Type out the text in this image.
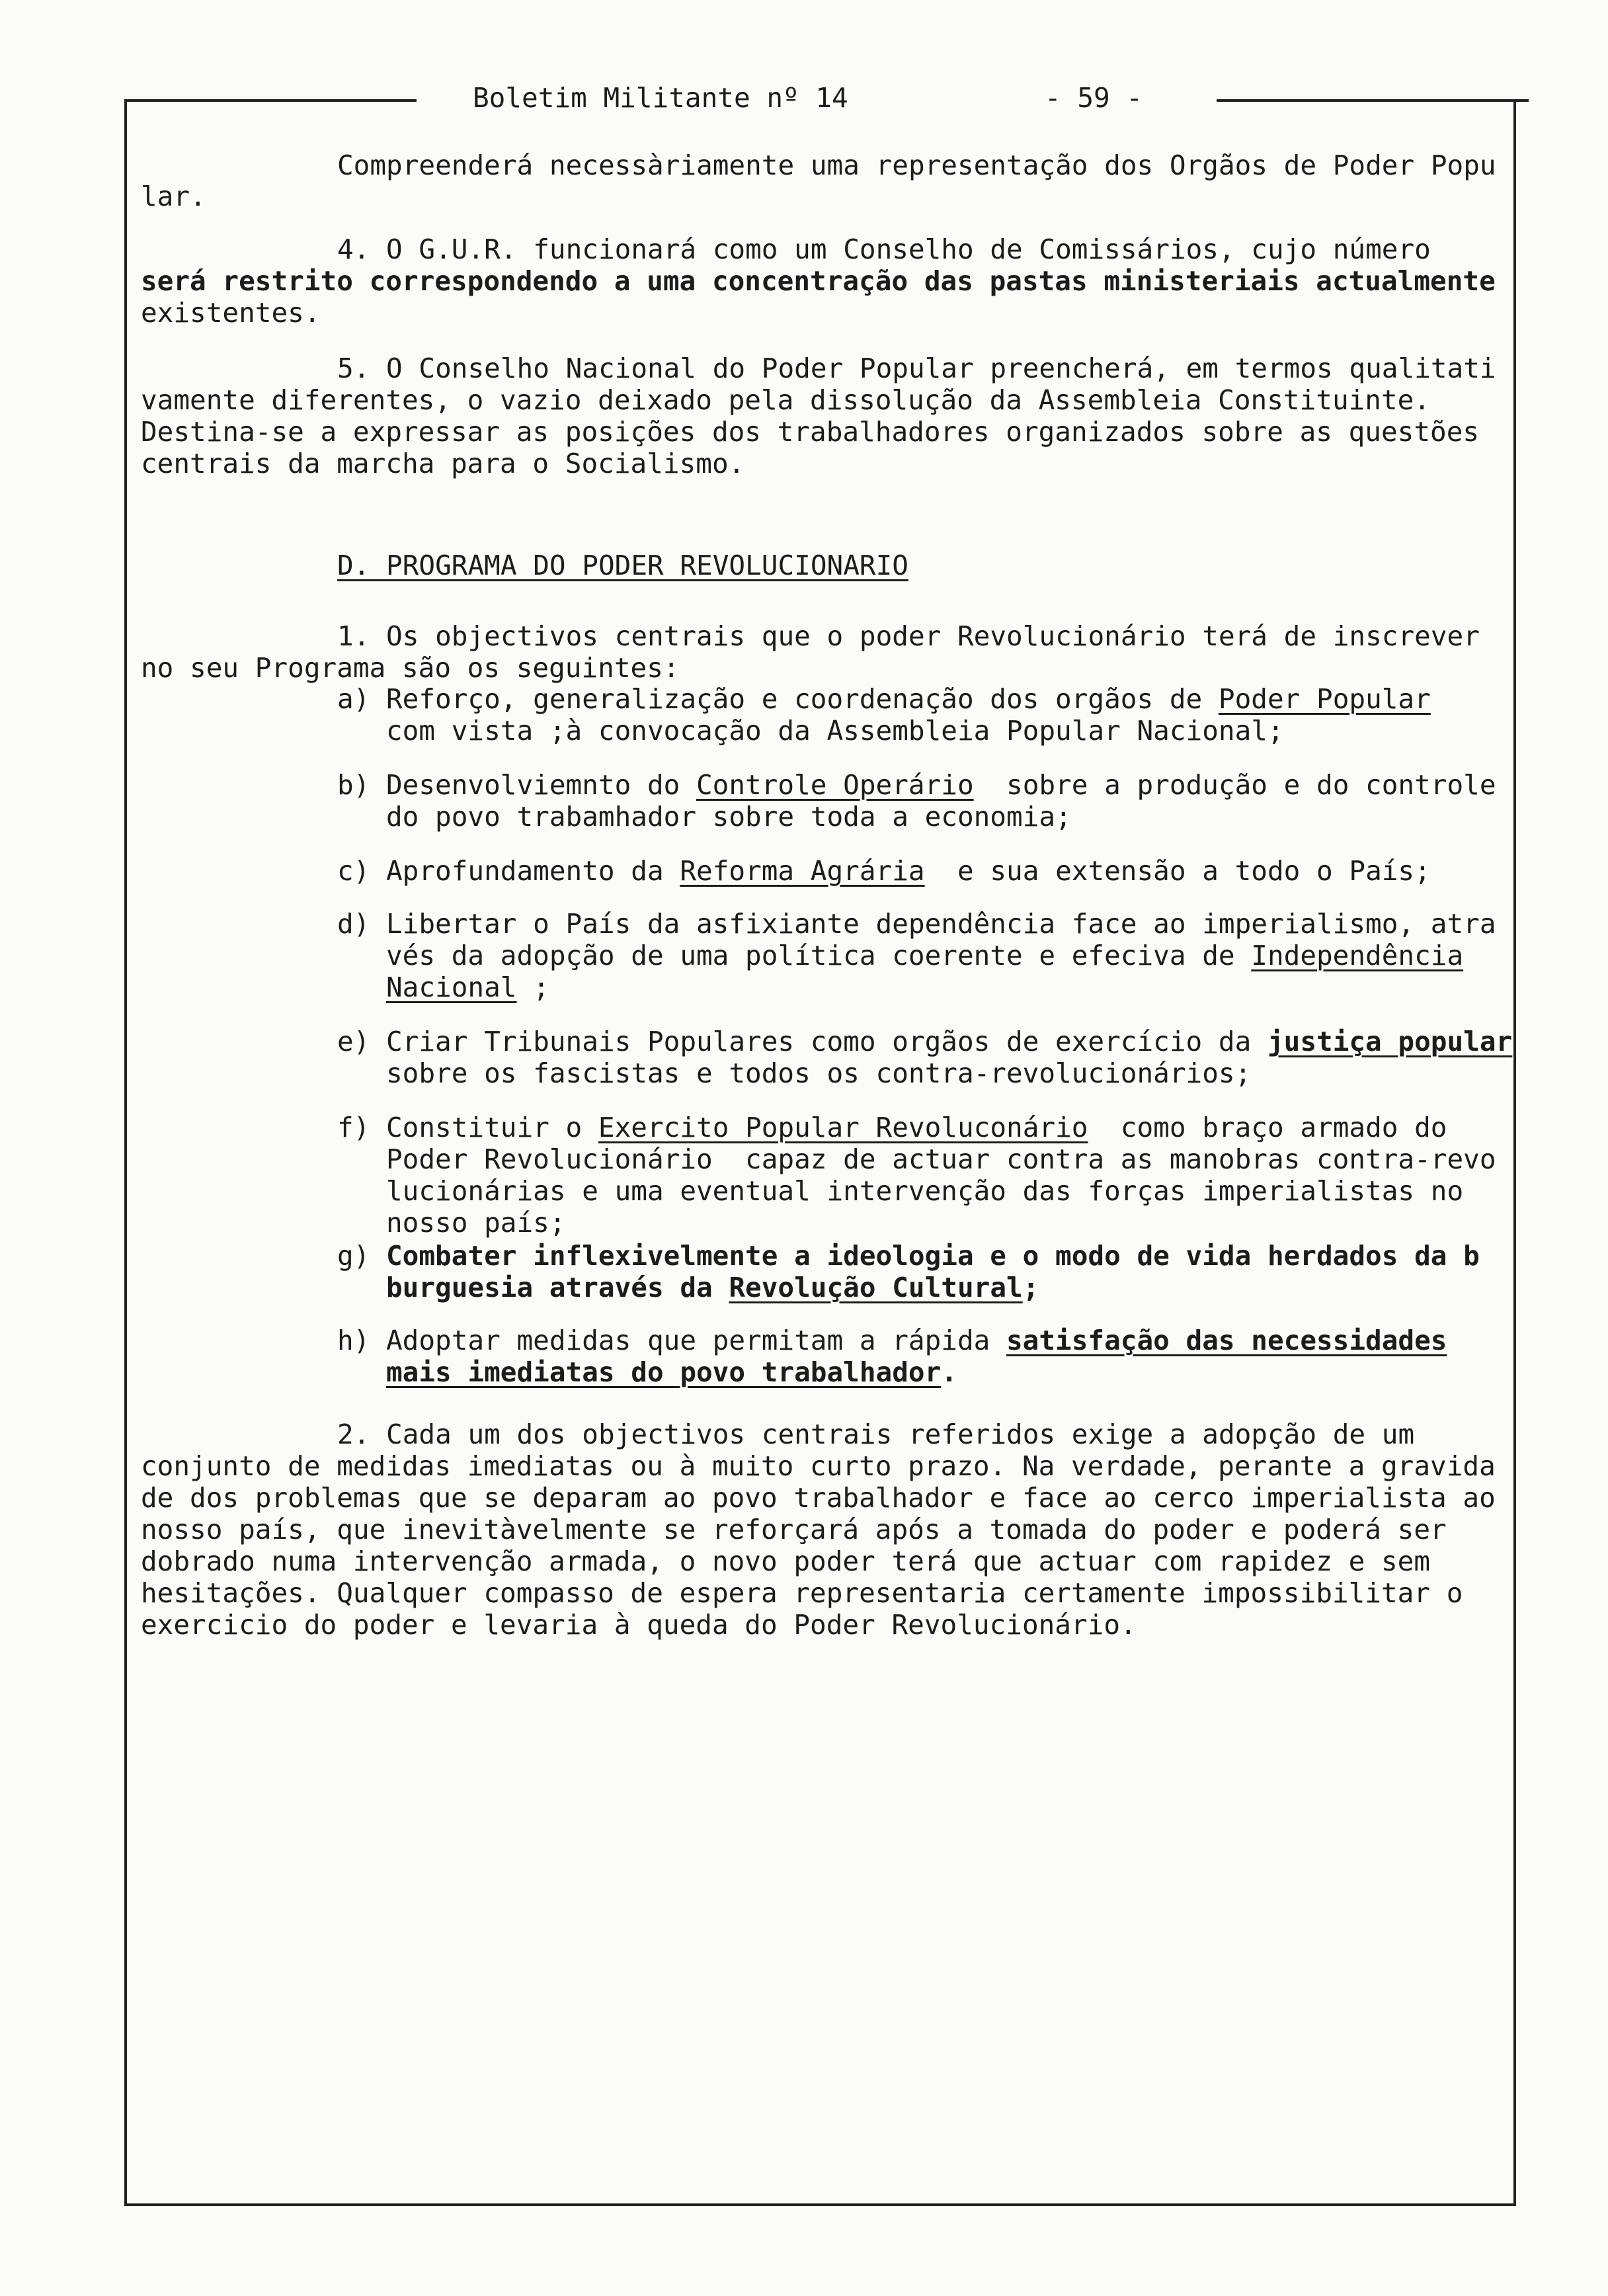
Boletim Militante nº 14	- 59 -
Compreenderá necessàriamente uma representação dos Orgãos de Poder Popu
lar.
4. O G.U.R. funcionará como um Conselho de Comissários, cujo número
será restrito correspondendo a uma concentração das pastas ministeriais actualmente
existentes.
5. O Conselho Nacional do Poder Popular preencherá, em termos qualitati
vamente diferentes, o vazio deixado pela dissolução da Assembleia Constituinte.
Destina-se a expressar as posições dos trabalhadores organizados sobre as questões
centrais da marcha para o Socialismo.
D. PROGRAMA DO PODER REVOLUCIONARIO
1. Os objectivos centrais que o poder Revolucionário terá de inscrever
no seu Programa são os seguintes:
a) Reforço, generalização e coordenação dos orgãos de Poder Popular
com vista ;à convocação da Assembleia Popular Nacional;
b) Desenvolviemnto do Controle Operário  sobre a produção e do controle
do povo trabamhador sobre toda a economia;
c) Aprofundamento da Reforma Agrária  e sua extensão a todo o País;
d) Libertar o País da asfixiante dependência face ao imperialismo, atra
vés da adopção de uma política coerente e efeciva de Independência
Nacional ;
e) Criar Tribunais Populares como orgãos de exercício da justiça popular
sobre os fascistas e todos os contra-revolucionários;
f) Constituir o Exercito Popular Revoluconário  como braço armado do
Poder Revolucionário  capaz de actuar contra as manobras contra-revo
lucionárias e uma eventual intervenção das forças imperialistas no
nosso país;
g) Combater inflexivelmente a ideologia e o modo de vida herdados da b
burguesia através da Revolução Cultural;
h) Adoptar medidas que permitam a rápida satisfação das necessidades
mais imediatas do povo trabalhador.
2. Cada um dos objectivos centrais referidos exige a adopção de um
conjunto de medidas imediatas ou à muito curto prazo. Na verdade, perante a gravida
de dos problemas que se deparam ao povo trabalhador e face ao cerco imperialista ao
nosso país, que inevitàvelmente se reforçará após a tomada do poder e poderá ser
dobrado numa intervenção armada, o novo poder terá que actuar com rapidez e sem
hesitações. Qualquer compasso de espera representaria certamente impossibilitar o
exercicio do poder e levaria à queda do Poder Revolucionário.
